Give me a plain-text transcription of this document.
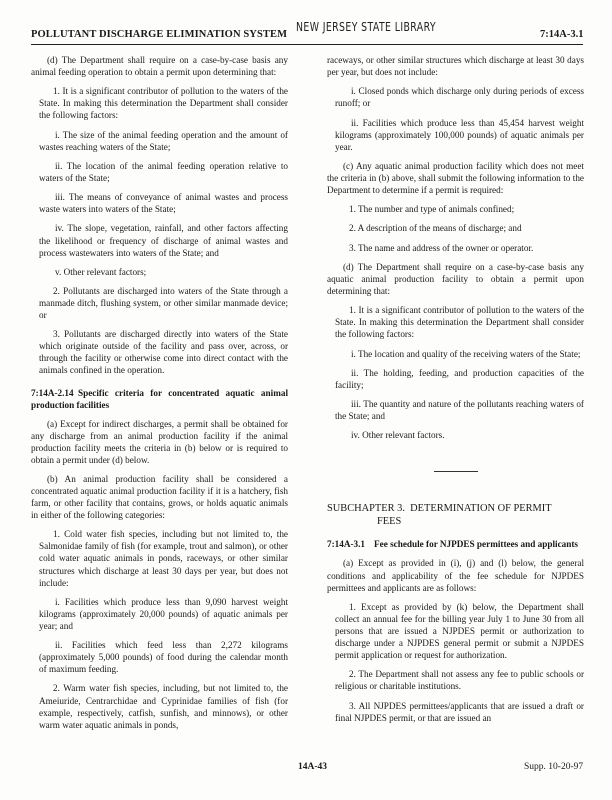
POLLUTANT DISCHARGE ELIMINATION SYSTEM
NEW JERSEY STATE LIBRARY
7:14A-3.1

(d) The Department shall require on a case-by-case basis any animal feeding operation to obtain a permit upon determining that:

1. It is a significant contributor of pollution to the waters of the State. In making this determination the Department shall consider the following factors:

i. The size of the animal feeding operation and the amount of wastes reaching waters of the State;

ii. The location of the animal feeding operation relative to waters of the State;

iii. The means of conveyance of animal wastes and process waste waters into waters of the State;

iv. The slope, vegetation, rainfall, and other factors affecting the likelihood or frequency of discharge of animal wastes and process wastewaters into waters of the State; and

v. Other relevant factors;

2. Pollutants are discharged into waters of the State through a manmade ditch, flushing system, or other similar manmade device; or

3. Pollutants are discharged directly into waters of the State which originate outside of the facility and pass over, across, or through the facility or otherwise come into direct contact with the animals confined in the operation.

7:14A-2.14 Specific criteria for concentrated aquatic animal production facilities

(a) Except for indirect discharges, a permit shall be obtained for any discharge from an animal production facility if the animal production facility meets the criteria in (b) below or is required to obtain a permit under (d) below.

(b) An animal production facility shall be considered a concentrated aquatic animal production facility if it is a hatchery, fish farm, or other facility that contains, grows, or holds aquatic animals in either of the following categories:

1. Cold water fish species, including but not limited to, the Salmonidae family of fish (for example, trout and salmon), or other cold water aquatic animals in ponds, raceways, or other similar structures which discharge at least 30 days per year, but does not include:

i. Facilities which produce less than 9,090 harvest weight kilograms (approximately 20,000 pounds) of aquatic animals per year; and

ii. Facilities which feed less than 2,272 kilograms (approximately 5,000 pounds) of food during the calendar month of maximum feeding.

2. Warm water fish species, including, but not limited to, the Ameiuride, Centrarchidae and Cyprinidae families of fish (for example, respectively, catfish, sunfish, and minnows), or other warm water aquatic animals in ponds,

raceways, or other similar structures which discharge at least 30 days per year, but does not include:

i. Closed ponds which discharge only during periods of excess runoff; or

ii. Facilities which produce less than 45,454 harvest weight kilograms (approximately 100,000 pounds) of aquatic animals per year.

(c) Any aquatic animal production facility which does not meet the criteria in (b) above, shall submit the following information to the Department to determine if a permit is required:

1. The number and type of animals confined;

2. A description of the means of discharge; and

3. The name and address of the owner or operator.

(d) The Department shall require on a case-by-case basis any aquatic animal production facility to obtain a permit upon determining that:

1. It is a significant contributor of pollution to the waters of the State. In making this determination the Department shall consider the following factors:

i. The location and quality of the receiving waters of the State;

ii. The holding, feeding, and production capacities of the facility;

iii. The quantity and nature of the pollutants reaching waters of the State; and

iv. Other relevant factors.

SUBCHAPTER 3. DETERMINATION OF PERMIT
FEES

7:14A-3.1 Fee schedule for NJPDES permittees and applicants

(a) Except as provided in (i), (j) and (l) below, the general conditions and applicability of the fee schedule for NJPDES permittees and applicants are as follows:

1. Except as provided by (k) below, the Department shall collect an annual fee for the billing year July 1 to June 30 from all persons that are issued a NJPDES permit or authorization to discharge under a NJPDES general permit or submit a NJPDES permit application or request for authorization.

2. The Department shall not assess any fee to public schools or religious or charitable institutions.

3. All NJPDES permittees/applicants that are issued a draft or final NJPDES permit, or that are issued an

14A-43	Supp. 10-20-97
